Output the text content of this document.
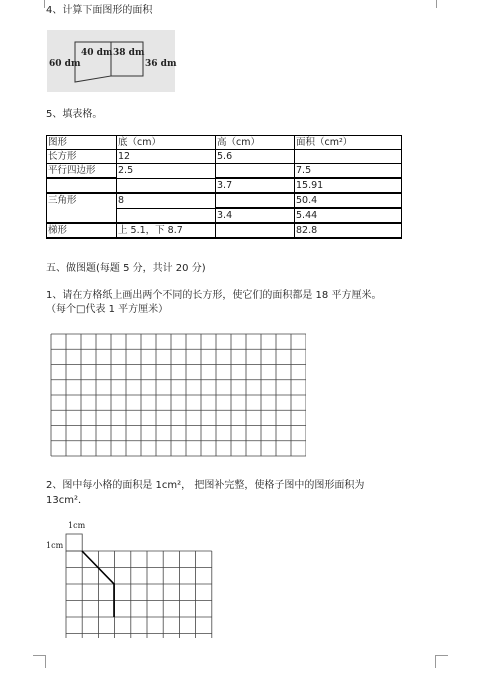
4、计算下面图形的面积
60 dm
40 dm 38 dm
36 dm
5、填表格。
图形	底（cm）	高（cm）	面积（cm²）
长方形	12	5.6	
平行四边形	2.5		7.5
		3.7	15.91
三角形	8		50.4
		3.4	5.44
梯形	上 5.1，下 8.7		82.8
五、做图题(每题 5 分，共计 20 分)
1、请在方格纸上画出两个不同的长方形，使它们的面积都是 18 平方厘米。
（每个□代表 1 平方厘米）
2、图中每小格的面积是 1cm²， 把图补完整，使格子图中的图形面积为
13cm²．
1cm
1cm
